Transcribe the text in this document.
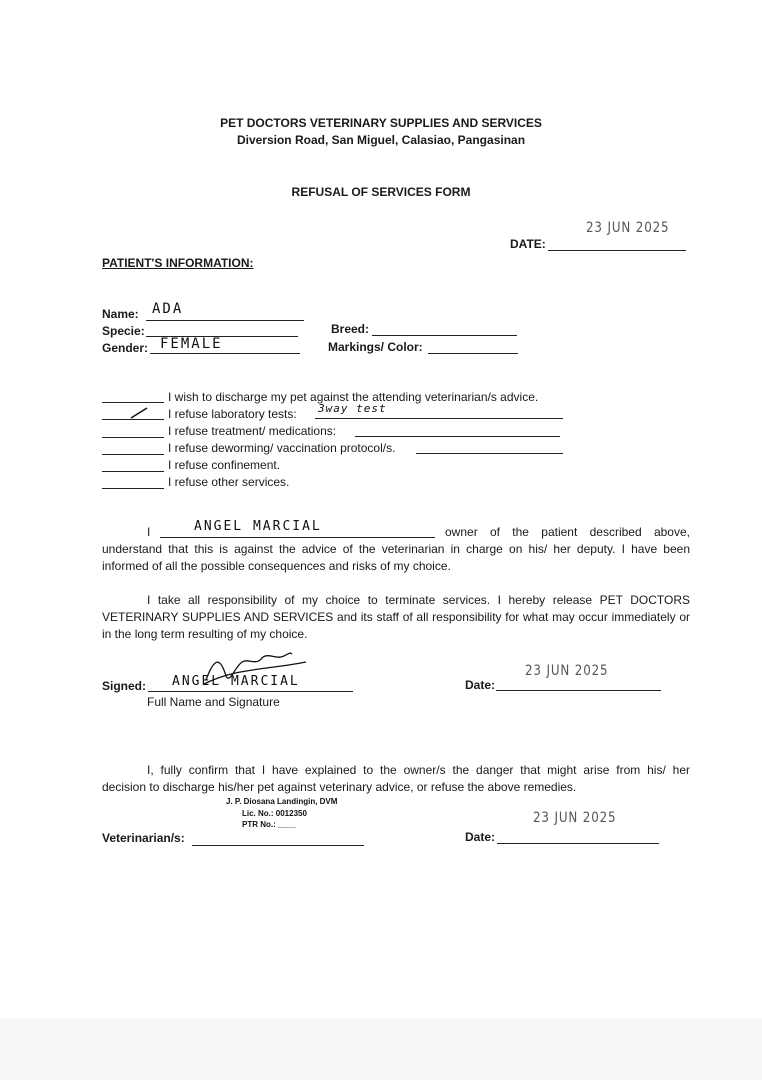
PET DOCTORS VETERINARY SUPPLIES AND SERVICES
Diversion Road, San Miguel, Calasiao, Pangasinan
REFUSAL OF SERVICES FORM
23 JUN 2025
DATE:
PATIENT'S INFORMATION:
Name: ADA
Specie:	Breed:
Gender: FEMALE	Markings/ Color:
I wish to discharge my pet against the attending veterinarian/s advice.
I refuse laboratory tests: 3way test
I refuse treatment/ medications:
I refuse deworming/ vaccination protocol/s.
I refuse confinement.
I refuse other services.
I	ANGEL MARCIAL	owner of the patient described above,
understand that this is against the advice of the veterinarian in charge on his/ her deputy. I have been
informed of all the possible consequences and risks of my choice.
I take all responsibility of my choice to terminate services. I hereby release PET DOCTORS
VETERINARY SUPPLIES AND SERVICES and its staff of all responsibility for what may occur immediately or
in the long term resulting of my choice.
Signed: ANGEL MARCIAL
Full Name and Signature
23 JUN 2025
Date:
I, fully confirm that I have explained to the owner/s the danger that might arise from his/ her
decision to discharge his/her pet against veterinary advice, or refuse the above remedies.
J. P. Diosana Landingin, DVM
Lic. No.: 0012350
PTR No.: ____
Veterinarian/s:
23 JUN 2025
Date:
